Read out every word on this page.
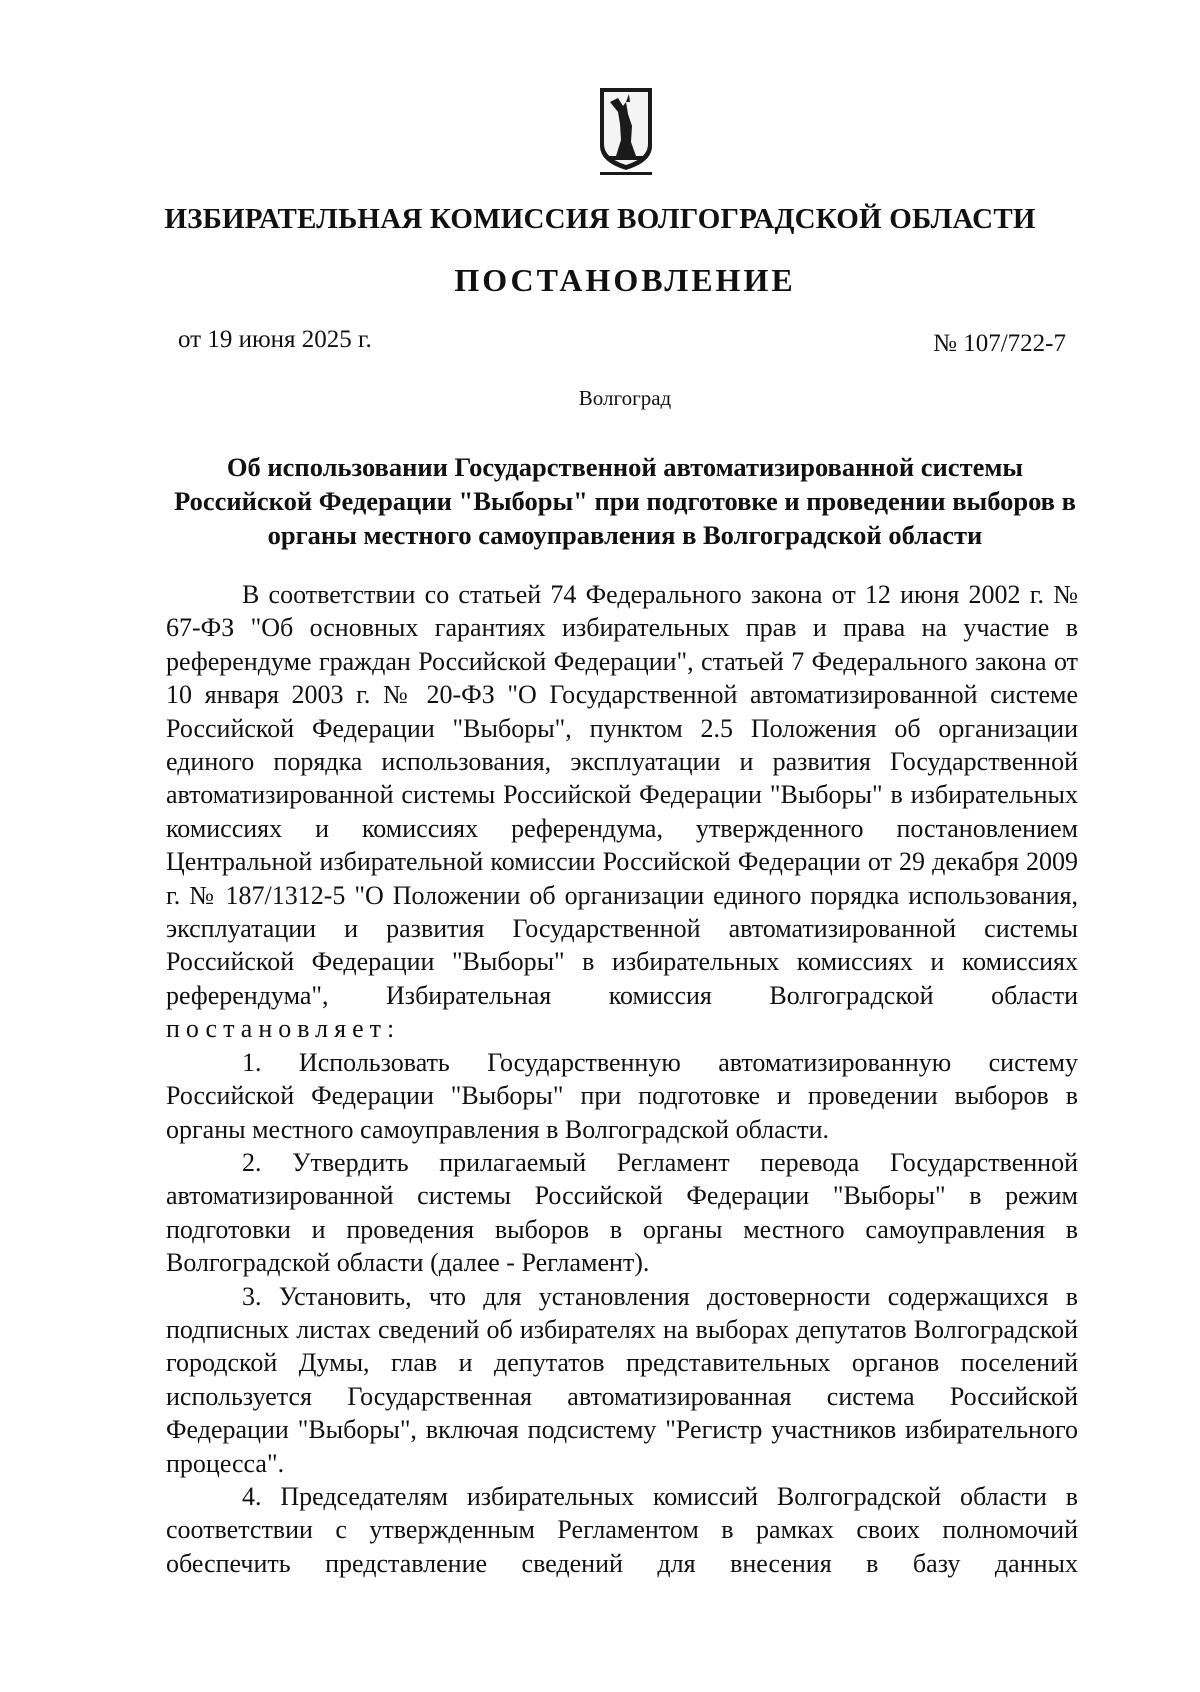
ИЗБИРАТЕЛЬНАЯ КОМИССИЯ ВОЛГОГРАДСКОЙ ОБЛАСТИ
ПОСТАНОВЛЕНИЕ
от 19 июня 2025 г.	№ 107/722-7
Волгоград
Об использовании Государственной автоматизированной системы Российской Федерации "Выборы" при подготовке и проведении выборов в органы местного самоуправления в Волгоградской области

В соответствии со статьей 74 Федерального закона от 12 июня 2002 г. № 67-ФЗ "Об основных гарантиях избирательных прав и права на участие в референдуме граждан Российской Федерации", статьей 7 Федерального закона от 10 января 2003 г. № 20-ФЗ "О Государственной автоматизированной системе Российской Федерации "Выборы", пунктом 2.5 Положения об организации единого порядка использования, эксплуатации и развития Государственной автоматизированной системы Российской Федерации "Выборы" в избирательных комиссиях и комиссиях референдума, утвержденного постановлением Центральной избирательной комиссии Российской Федерации от 29 декабря 2009 г. № 187/1312-5 "О Положении об организации единого порядка использования, эксплуатации и развития Государственной автоматизированной системы Российской Федерации "Выборы" в избирательных комиссиях и комиссиях референдума", Избирательная комиссия Волгоградской области постановляет:

1. Использовать Государственную автоматизированную систему Российской Федерации "Выборы" при подготовке и проведении выборов в органы местного самоуправления в Волгоградской области.

2. Утвердить прилагаемый Регламент перевода Государственной автоматизированной системы Российской Федерации "Выборы" в режим подготовки и проведения выборов в органы местного самоуправления в Волгоградской области (далее - Регламент).

3. Установить, что для установления достоверности содержащихся в подписных листах сведений об избирателях на выборах депутатов Волгоградской городской Думы, глав и депутатов представительных органов поселений используется Государственная автоматизированная система Российской Федерации "Выборы", включая подсистему "Регистр участников избирательного процесса".

4. Председателям избирательных комиссий Волгоградской области в соответствии с утвержденным Регламентом в рамках своих полномочий обеспечить представление сведений для внесения в базу данных
